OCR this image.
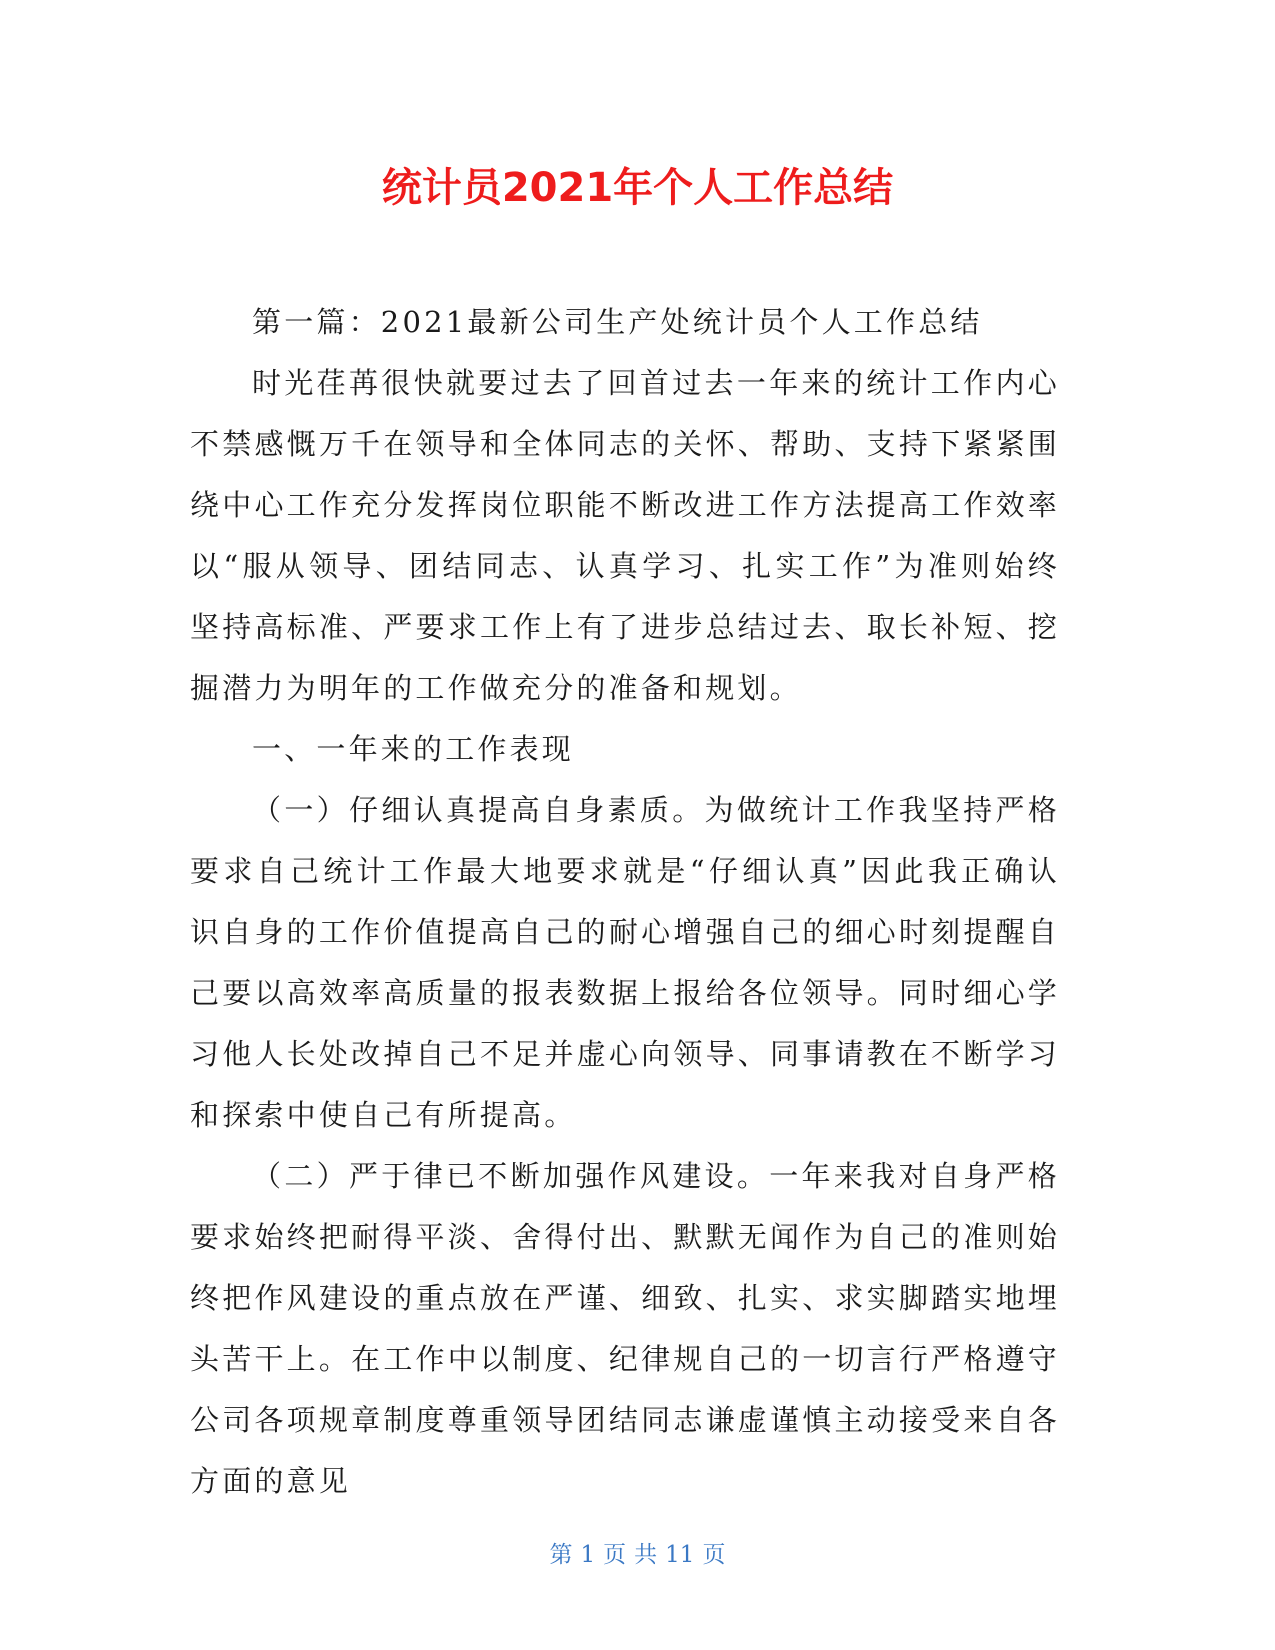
统计员2021年个人工作总结

第一篇：2021最新公司生产处统计员个人工作总结

时光荏苒很快就要过去了回首过去一年来的统计工作内心不禁感慨万千在领导和全体同志的关怀、帮助、支持下紧紧围绕中心工作充分发挥岗位职能不断改进工作方法提高工作效率以“服从领导、团结同志、认真学习、扎实工作”为准则始终坚持高标准、严要求工作上有了进步总结过去、取长补短、挖掘潜力为明年的工作做充分的准备和规划。

一、一年来的工作表现

（一）仔细认真提高自身素质。为做统计工作我坚持严格要求自己统计工作最大地要求就是“仔细认真”因此我正确认识自身的工作价值提高自己的耐心增强自己的细心时刻提醒自己要以高效率高质量的报表数据上报给各位领导。同时细心学习他人长处改掉自己不足并虚心向领导、同事请教在不断学习和探索中使自己有所提高。

（二）严于律已不断加强作风建设。一年来我对自身严格要求始终把耐得平淡、舍得付出、默默无闻作为自己的准则始终把作风建设的重点放在严谨、细致、扎实、求实脚踏实地埋头苦干上。在工作中以制度、纪律规自己的一切言行严格遵守公司各项规章制度尊重领导团结同志谦虚谨慎主动接受来自各方面的意见

第 1 页 共 11 页
